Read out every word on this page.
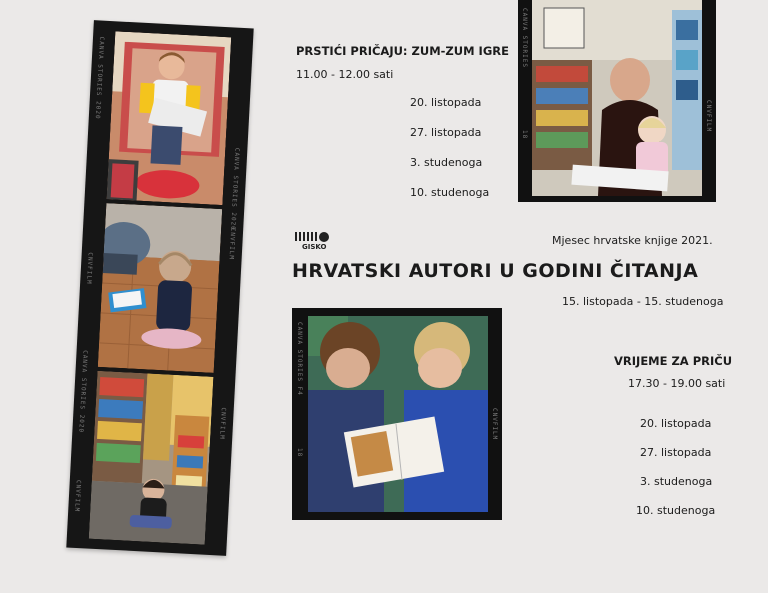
CANVA STORIES 2020
CNVFILM
CNVFILM
CANVA STORIES 2020	CNVFILM
CANVA STORIES 2020
CNVFILM
CANVA STORIES
CNVFILM
18
CANVA STORIES F4
CNVFILM
18
PRSTIĆI PRIČAJU: ZUM-ZUM IGRE
11.00 - 12.00 sati
20. listopada
27. listopada
3. studenoga
10. studenoga
GISKO	Mjesec hrvatske knjige 2021.
HRVATSKI AUTORI U GODINI ČITANJA
15. listopada - 15. studenoga
VRIJEME ZA PRIČU
17.30 - 19.00 sati
20. listopada
27. listopada
3. studenoga
10. studenoga
